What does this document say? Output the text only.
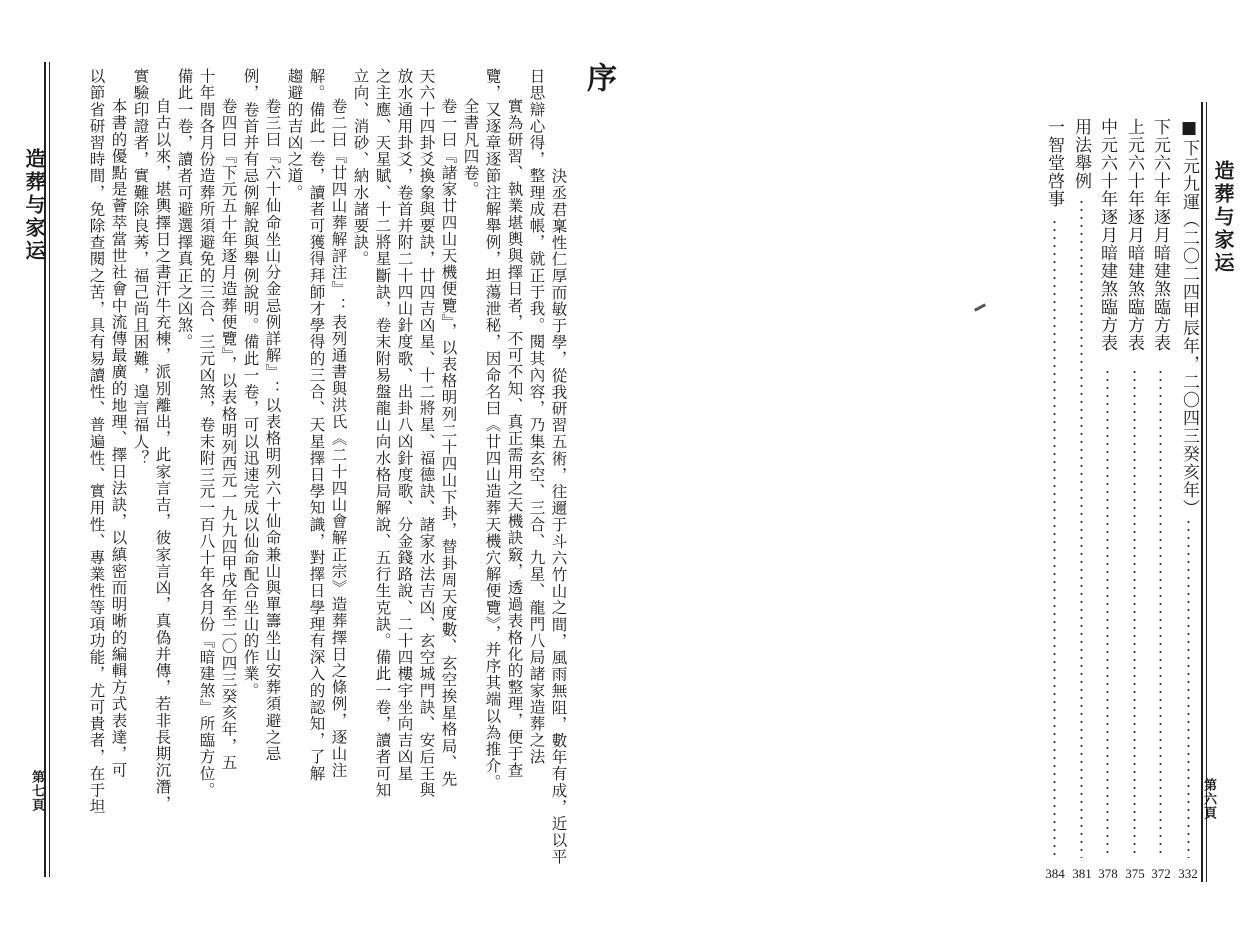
造葬与家运
第七頁
序
決丞君稟性仁厚而敏于學，從我研習五術，往邇于斗六竹山之間，風雨無阻，數年有成，近以平
日思辯心得，整理成帳，就正于我。閱其內容，乃集玄空、三合、九星、龍門八局諸家造葬之法
實為研習、執業堪輿與擇日者，不可不知、真正需用之天機訣竅，透過表格化的整理，便于查
覽，又逐章逐節注解舉例，坦蕩泄秘，因命名曰《廿四山造葬天機穴解便覽》，并序其端以為推介。
全書凡四卷。
卷一曰『諸家廿四山天機便覽』，以表格明列二十四山下卦，替卦周天度數、玄空挨星格局、先
天六十四卦爻換象與要訣，廿四吉凶星、十二將星、福德訣、諸家水法吉凶、玄空城門訣、安后王與
放水通用卦爻，卷首并附二十四山針度歌、出卦八凶針度歌、分金錢路說、二十四樓宇坐向吉凶星
之主應、天星賦、十二將星斷訣，卷末附易盤龍山向水格局解說、五行生克訣。備此一卷，讀者可知
立向、消砂、納水諸要訣。
卷二曰『廿四山葬解評注』：表列通書與洪氏《二十四山會解正宗》造葬擇日之條例，逐山注
解。備此一卷，讀者可獲得拜師才學得的三合、天星擇日學知識，對擇日學理有深入的認知，了解
趨避的吉凶之道。
卷三曰『六十仙命坐山分金忌例詳解』：以表格明列六十仙命兼山與單籌坐山安葬須避之忌
例，卷首并有忌例解說與舉例說明。備此一卷，可以迅速完成以仙命配合坐山的作業。
卷四曰『下元五十年逐月造葬便覽』，以表格明列西元一九九四甲戌年至二〇四三癸亥年，五
十年間各月份造葬所須避免的三合、三元凶煞，卷末附三元一百八十年各月份『暗建煞』所臨方位。
備此一卷，讀者可避選擇真正之凶煞。
自古以來，堪輿擇日之書汗牛充棟，派別離出，此家言吉，彼家言凶，真偽并傳，若非長期沉潛，
實驗印證者，實難除良莠，福己尚且困難，遑言福人？
本書的優點是薈萃當世社會中流傳最廣的地理、擇日法訣，以縝密而明晰的編輯方式表達，可
以節省研習時間，免除查閱之苦，具有易讀性、普遍性、實用性、專業性等項功能，尤可貴者，在于坦	造葬与家运
第六頁
■下元九運（二〇二四甲辰年，二〇四三癸亥年）
332
下元六十年逐月暗建煞臨方表
372
上元六十年逐月暗建煞臨方表
375
中元六十年逐月暗建煞臨方表
378
用法舉例
381
一智堂啓事
384
